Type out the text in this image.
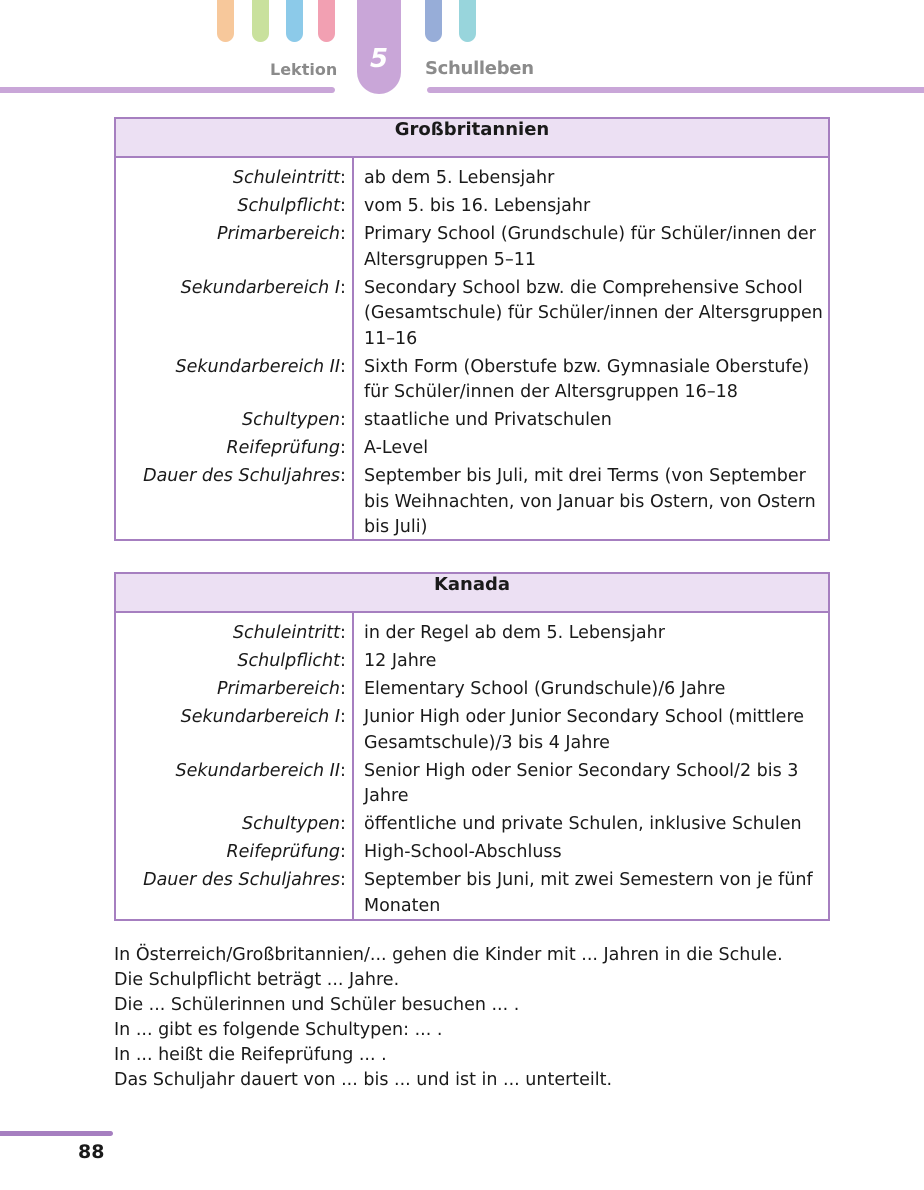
Lektion	5	Schulleben
Großbritannien
Schuleintritt :	ab dem 5. Lebensjahr
Schulpflicht :	vom 5. bis 16. Lebensjahr
Primarbereich :	Primary School (Grundschule) für Schüler/innen der Altersgruppen 5–11
Sekundarbereich I :	Secondary School bzw. die Comprehensive School (Gesamtschule) für Schüler/innen der Altersgruppen 11–16
Sekundarbereich II :	Sixth Form (Oberstufe bzw. Gymnasiale Oberstufe) für Schüler/innen der Altersgruppen 16–18
Schultypen :	staatliche und Privatschulen
Reifeprüfung :	A-Level
Dauer des Schuljahres :	September bis Juli, mit drei Terms (von September bis Weihnachten, von Januar bis Ostern, von Ostern bis Juli)
Kanada
Schuleintritt :	in der Regel ab dem 5. Lebensjahr
Schulpflicht :	12 Jahre
Primarbereich :	Elementary School (Grundschule)/6 Jahre
Sekundarbereich I :	Junior High oder Junior Secondary School (mittlere Gesamtschule)/3 bis 4 Jahre
Sekundarbereich II :	Senior High oder Senior Secondary School/2 bis 3 Jahre
Schultypen :	öffentliche und private Schulen, inklusive Schulen
Reifeprüfung :	High-School-Abschluss
Dauer des Schuljahres :	September bis Juni, mit zwei Semestern von je fünf Monaten

In Österreich/Großbritannien/... gehen die Kinder mit ... Jahren in die Schule.

Die Schulpflicht beträgt ... Jahre.

Die ... Schülerinnen und Schüler besuchen ... .

In ... gibt es folgende Schultypen: ... .

In ... heißt die Reifeprüfung ... .

Das Schuljahr dauert von ... bis ... und ist in ... unterteilt.

88
